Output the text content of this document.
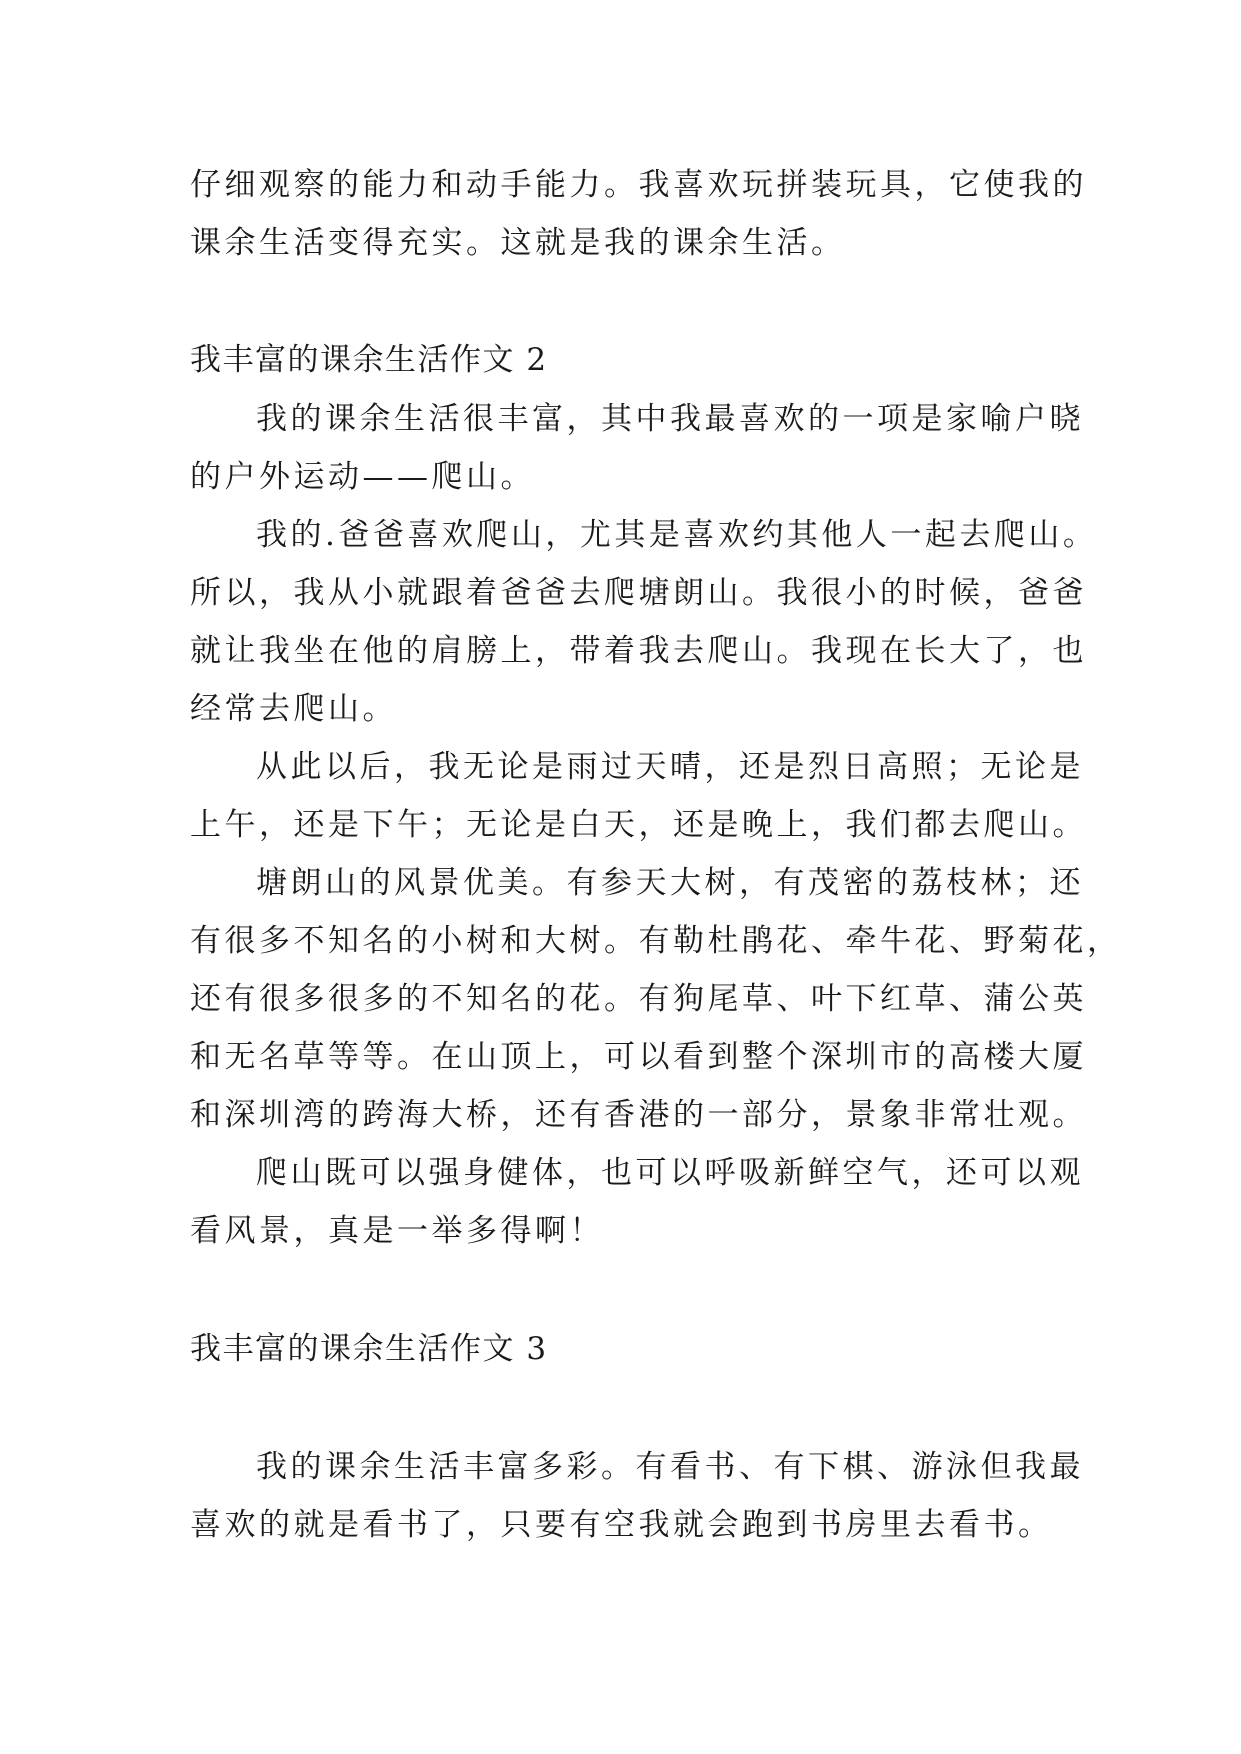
仔细观察的能力和动手能力。我喜欢玩拼装玩具，它使我的
课余生活变得充实。这就是我的课余生活。
我丰富的课余生活作文 2
我的课余生活很丰富，其中我最喜欢的一项是家喻户晓
的户外运动——爬山。
我的.爸爸喜欢爬山，尤其是喜欢约其他人一起去爬山。
所以，我从小就跟着爸爸去爬塘朗山。我很小的时候，爸爸
就让我坐在他的肩膀上，带着我去爬山。我现在长大了，也
经常去爬山。
从此以后，我无论是雨过天晴，还是烈日高照；无论是
上午，还是下午；无论是白天，还是晚上，我们都去爬山。
塘朗山的风景优美。有参天大树，有茂密的荔枝林；还
有很多不知名的小树和大树。有勒杜鹃花、牵牛花、野菊花，
还有很多很多的不知名的花。有狗尾草、叶下红草、蒲公英
和无名草等等。在山顶上，可以看到整个深圳市的高楼大厦
和深圳湾的跨海大桥，还有香港的一部分，景象非常壮观。
爬山既可以强身健体，也可以呼吸新鲜空气，还可以观
看风景，真是一举多得啊！
我丰富的课余生活作文 3
我的课余生活丰富多彩。有看书、有下棋、游泳但我最
喜欢的就是看书了，只要有空我就会跑到书房里去看书。
